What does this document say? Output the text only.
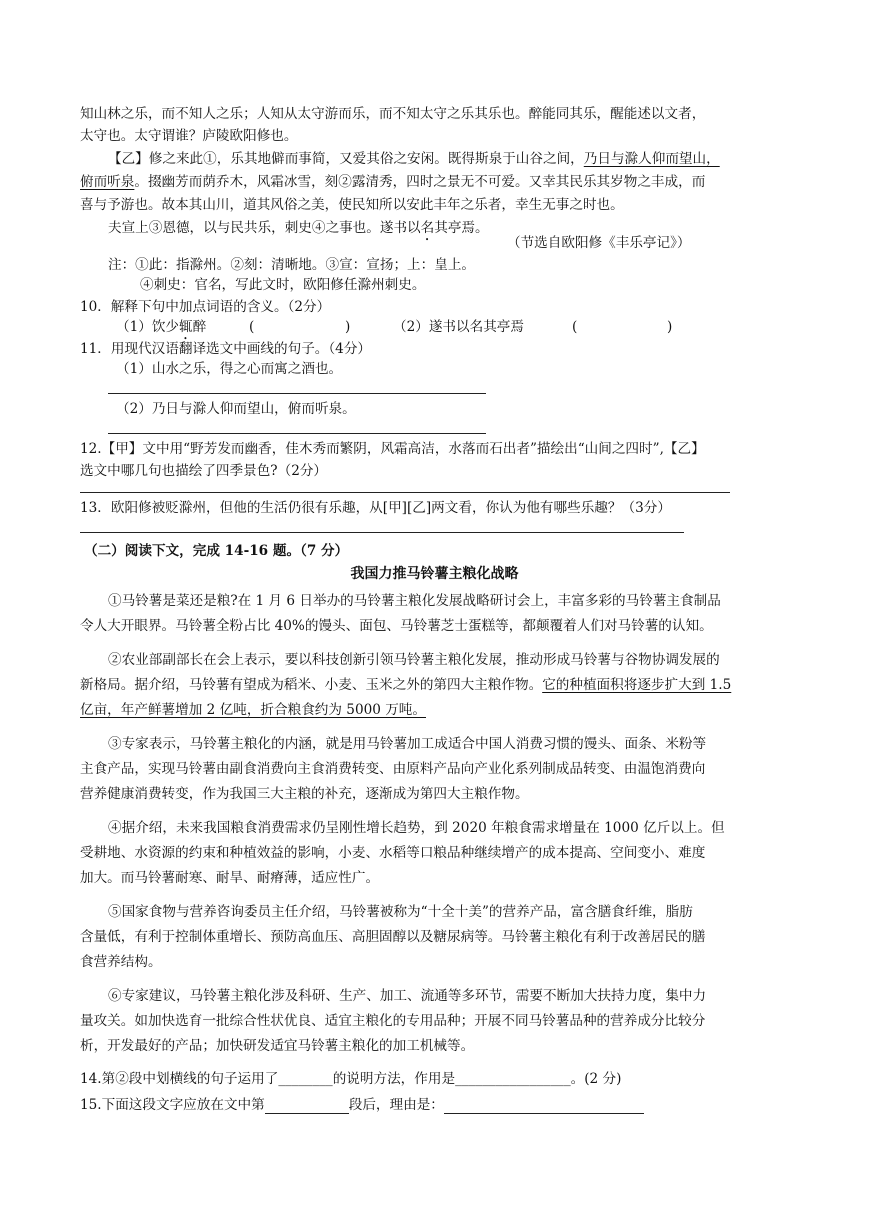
知山林之乐，而不知人之乐；人知从太守游而乐，而不知太守之乐其乐也。醉能同其乐，醒能述以文者，
太守也。太守谓谁？庐陵欧阳修也。
【乙】修之来此①，乐其地僻而事简，又爱其俗之安闲。既得斯泉于山谷之间，乃日与滁人仰而望山，
俯而听泉。掇幽芳而荫乔木，风霜冰雪，刻②露清秀，四时之景无不可爱。又幸其民乐其岁物之丰成，而
喜与予游也。故本其山川，道其风俗之美，使民知所以安此丰年之乐者，幸生无事之时也。
夫宣上③恩德，以与民共乐，刺史④之事也。遂书以名其亭焉。
（节选自欧阳修《丰乐亭记》）
注：①此：指滁州。②刻：清晰地。③宣：宣扬；上：皇上。
④刺史：官名，写此文时，欧阳修任滁州刺史。
10．解释下句中加点词语的含义。（2分）
（1）饮少辄醉	(	)	（2）遂书以名其亭焉	(	)
11．用现代汉语翻译选文中画线的句子。（4分）
（1）山水之乐，得之心而寓之酒也。
（2）乃日与滁人仰而望山，俯而听泉。
12.【甲】文中用“野芳发而幽香，佳木秀而繁阴，风霜高洁，水落而石出者”描绘出“山间之四时”,【乙】
选文中哪几句也描绘了四季景色?（2分）
13．欧阳修被贬滁州，但他的生活仍很有乐趣，从[甲][乙]两文看，你认为他有哪些乐趣？（3分）
（二）阅读下文，完成 14-16 题。（7 分）
我国力推马铃薯主粮化战略
①马铃薯是菜还是粮?在 1 月 6 日举办的马铃薯主粮化发展战略研讨会上，丰富多彩的马铃薯主食制品
令人大开眼界。马铃薯全粉占比 40%的馒头、面包、马铃薯芝士蛋糕等，都颠覆着人们对马铃薯的认知。
②农业部副部长在会上表示，要以科技创新引领马铃薯主粮化发展，推动形成马铃薯与谷物协调发展的
新格局。据介绍，马铃薯有望成为稻米、小麦、玉米之外的第四大主粮作物。它的种植面积将逐步扩大到 1.5
亿亩，年产鲜薯增加 2 亿吨，折合粮食约为 5000 万吨。
③专家表示，马铃薯主粮化的内涵，就是用马铃薯加工成适合中国人消费习惯的馒头、面条、米粉等
主食产品，实现马铃薯由副食消费向主食消费转变、由原料产品向产业化系列制成品转变、由温饱消费向
营养健康消费转变，作为我国三大主粮的补充，逐渐成为第四大主粮作物。
④据介绍，未来我国粮食消费需求仍呈刚性增长趋势，到 2020 年粮食需求增量在 1000 亿斤以上。但
受耕地、水资源的约束和种植效益的影响，小麦、水稻等口粮品种继续增产的成本提高、空间变小、难度
加大。而马铃薯耐寒、耐旱、耐瘠薄，适应性广。
⑤国家食物与营养咨询委员主任介绍，马铃薯被称为“十全十美”的营养产品，富含膳食纤维，脂肪
含量低，有利于控制体重增长、预防高血压、高胆固醇以及糖尿病等。马铃薯主粮化有利于改善居民的膳
食营养结构。
⑥专家建议，马铃薯主粮化涉及科研、生产、加工、流通等多环节，需要不断加大扶持力度，集中力
量攻关。如加快选育一批综合性状优良、适宜主粮化的专用品种；开展不同马铃薯品种的营养成分比较分
析，开发最好的产品；加快研发适宜马铃薯主粮化的加工机械等。
14.第②段中划横线的句子运用了________的说明方法，作用是_________________。(2 分)
15.下面这段文字应放在文中第	段后，理由是：
